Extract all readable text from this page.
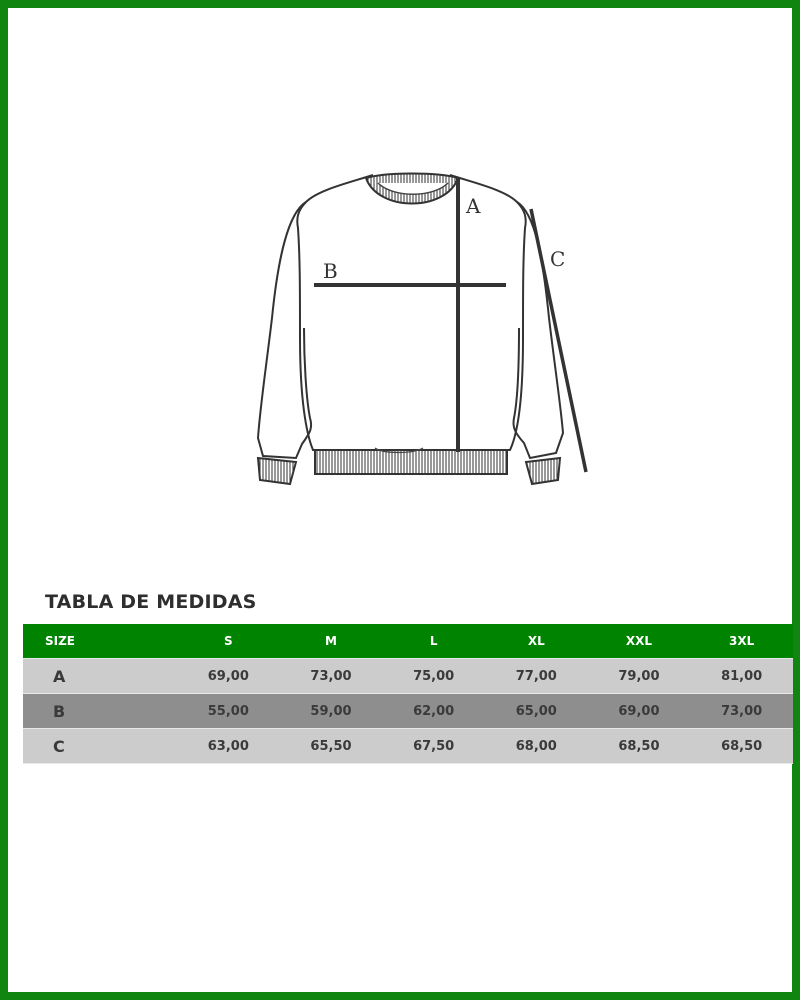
A
B	C
TABLA DE MEDIDAS
SIZE	S	M	L	XL	XXL	3XL
A	69,00	73,00	75,00	77,00	79,00	81,00
B	55,00	59,00	62,00	65,00	69,00	73,00
C	63,00	65,50	67,50	68,00	68,50	68,50
